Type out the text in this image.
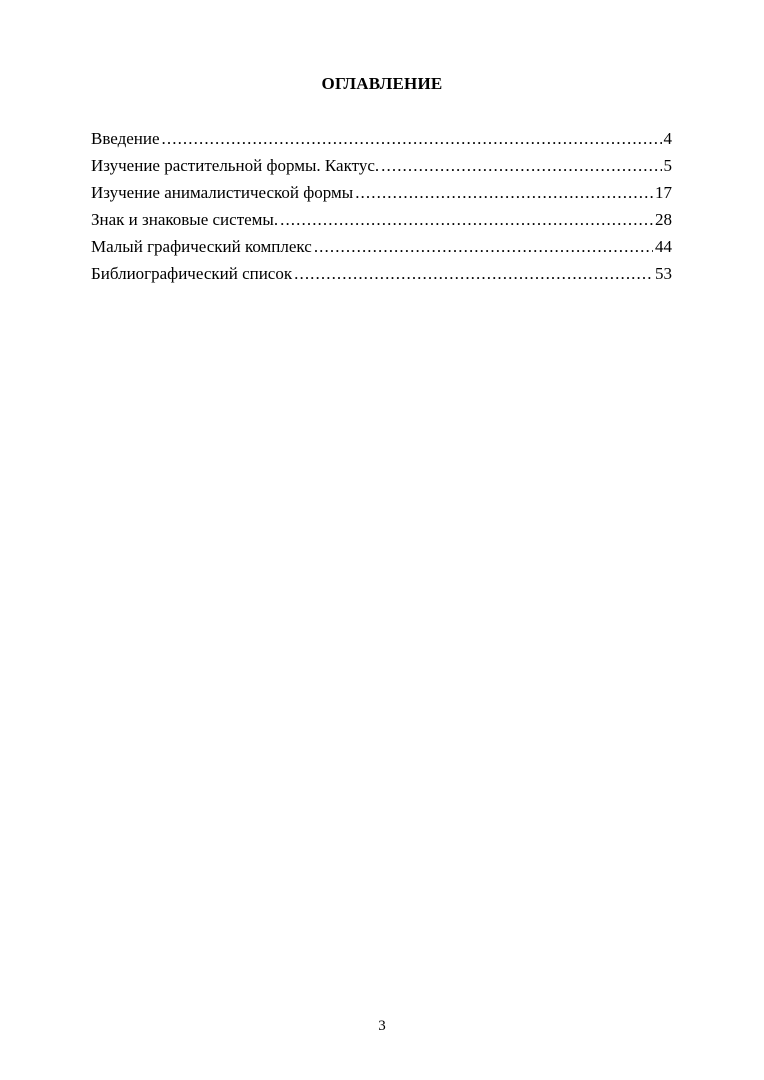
ОГЛАВЛЕНИЕ
Введение .....	4
Изучение растительной формы. Кактус. .....	5
Изучение анималистической формы .....	17
Знак и знаковые системы. .....	28
Малый графический комплекс .....	44
Библиографический список .....	53
3
